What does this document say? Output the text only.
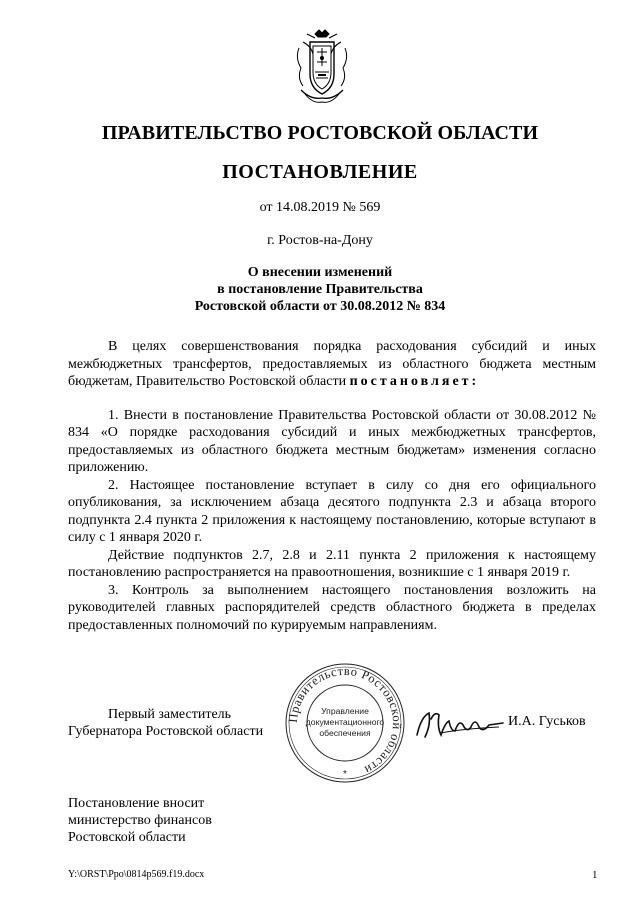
ПРАВИТЕЛЬСТВО РОСТОВСКОЙ ОБЛАСТИ
ПОСТАНОВЛЕНИЕ
от 14.08.2019 № 569
г. Ростов-на-Дону
О внесении изменений
в постановление Правительства
Ростовской области от 30.08.2012 № 834

В целях совершенствования порядка расходования субсидий и иных межбюджетных трансфертов, предоставляемых из областного бюджета местным бюджетам, Правительство Ростовской области постановляет:

1. Внести в постановление Правительства Ростовской области от 30.08.2012 № 834 «О порядке расходования субсидий и иных межбюджетных трансфертов, предоставляемых из областного бюджета местным бюджетам» изменения согласно приложению.

2. Настоящее постановление вступает в силу со дня его официального опубликования, за исключением абзаца десятого подпункта 2.3 и абзаца второго подпункта 2.4 пункта 2 приложения к настоящему постановлению, которые вступают в силу с 1 января 2020 г.

Действие подпунктов 2.7, 2.8 и 2.11 пункта 2 приложения к настоящему постановлению распространяется на правоотношения, возникшие с 1 января 2019 г.

3. Контроль за выполнением настоящего постановления возложить на руководителей главных распорядителей средств областного бюджета в пределах предоставленных полномочий по курируемым направлениям.

Первый заместитель
Губернатора Ростовской области
Правительство Ростовской области
Управление
документационного
обеспечения
*
И.А. Гуськов
Постановление вносит
министерство финансов
Ростовской области
Y:\ORST\Ppo\0814p569.f19.docx	1
